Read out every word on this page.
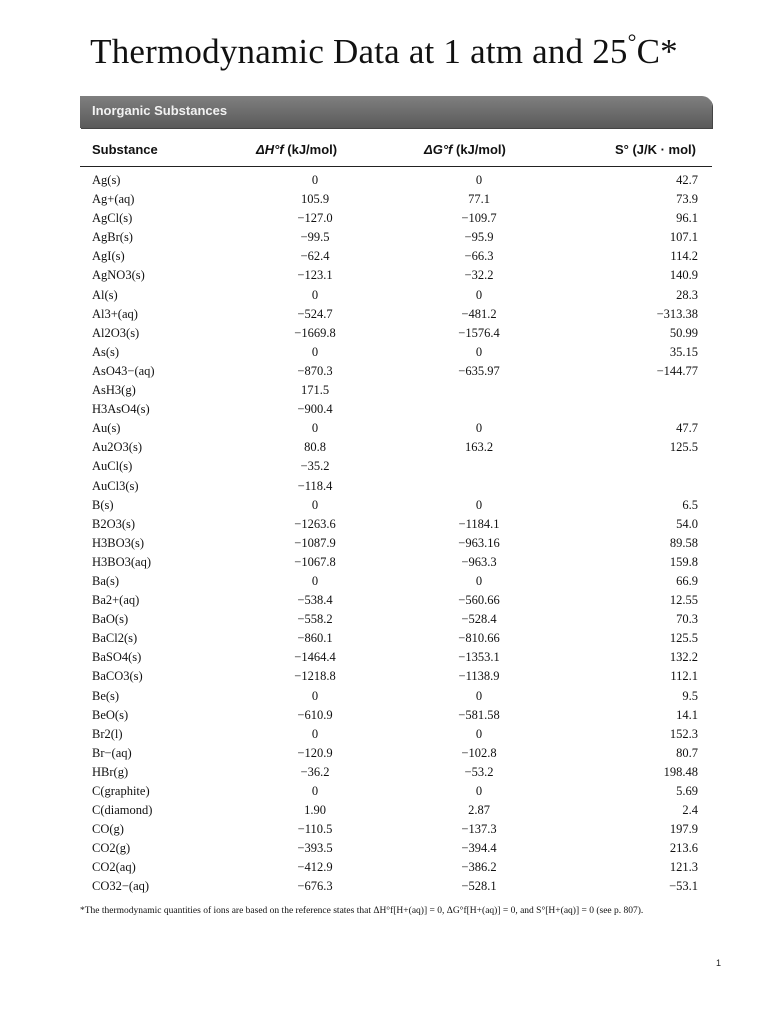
Thermodynamic Data at 1 atm and 25°C*
Inorganic Substances
Substance	ΔH°f (kJ/mol)	ΔG°f (kJ/mol)	S° (J/K · mol)
Ag(s)	0	0	42.7
Ag+(aq)	105.9	77.1	73.9
AgCl(s)	−127.0	−109.7	96.1
AgBr(s)	−99.5	−95.9	107.1
AgI(s)	−62.4	−66.3	114.2
AgNO3(s)	−123.1	−32.2	140.9
Al(s)	0	0	28.3
Al3+(aq)	−524.7	−481.2	−313.38
Al2O3(s)	−1669.8	−1576.4	50.99
As(s)	0	0	35.15
AsO43−(aq)	−870.3	−635.97	−144.77
AsH3(g)	171.5
H3AsO4(s)	−900.4
Au(s)	0	0	47.7
Au2O3(s)	80.8	163.2	125.5
AuCl(s)	−35.2
AuCl3(s)	−118.4
B(s)	0	0	6.5
B2O3(s)	−1263.6	−1184.1	54.0
H3BO3(s)	−1087.9	−963.16	89.58
H3BO3(aq)	−1067.8	−963.3	159.8
Ba(s)	0	0	66.9
Ba2+(aq)	−538.4	−560.66	12.55
BaO(s)	−558.2	−528.4	70.3
BaCl2(s)	−860.1	−810.66	125.5
BaSO4(s)	−1464.4	−1353.1	132.2
BaCO3(s)	−1218.8	−1138.9	112.1
Be(s)	0	0	9.5
BeO(s)	−610.9	−581.58	14.1
Br2(l)	0	0	152.3
Br−(aq)	−120.9	−102.8	80.7
HBr(g)	−36.2	−53.2	198.48
C(graphite)	0	0	5.69
C(diamond)	1.90	2.87	2.4
CO(g)	−110.5	−137.3	197.9
CO2(g)	−393.5	−394.4	213.6
CO2(aq)	−412.9	−386.2	121.3
CO32−(aq)	−676.3	−528.1	−53.1
*The thermodynamic quantities of ions are based on the reference states that ΔH°f[H+(aq)] = 0, ΔG°f[H+(aq)] = 0, and S°[H+(aq)] = 0 (see p. 807).
1
